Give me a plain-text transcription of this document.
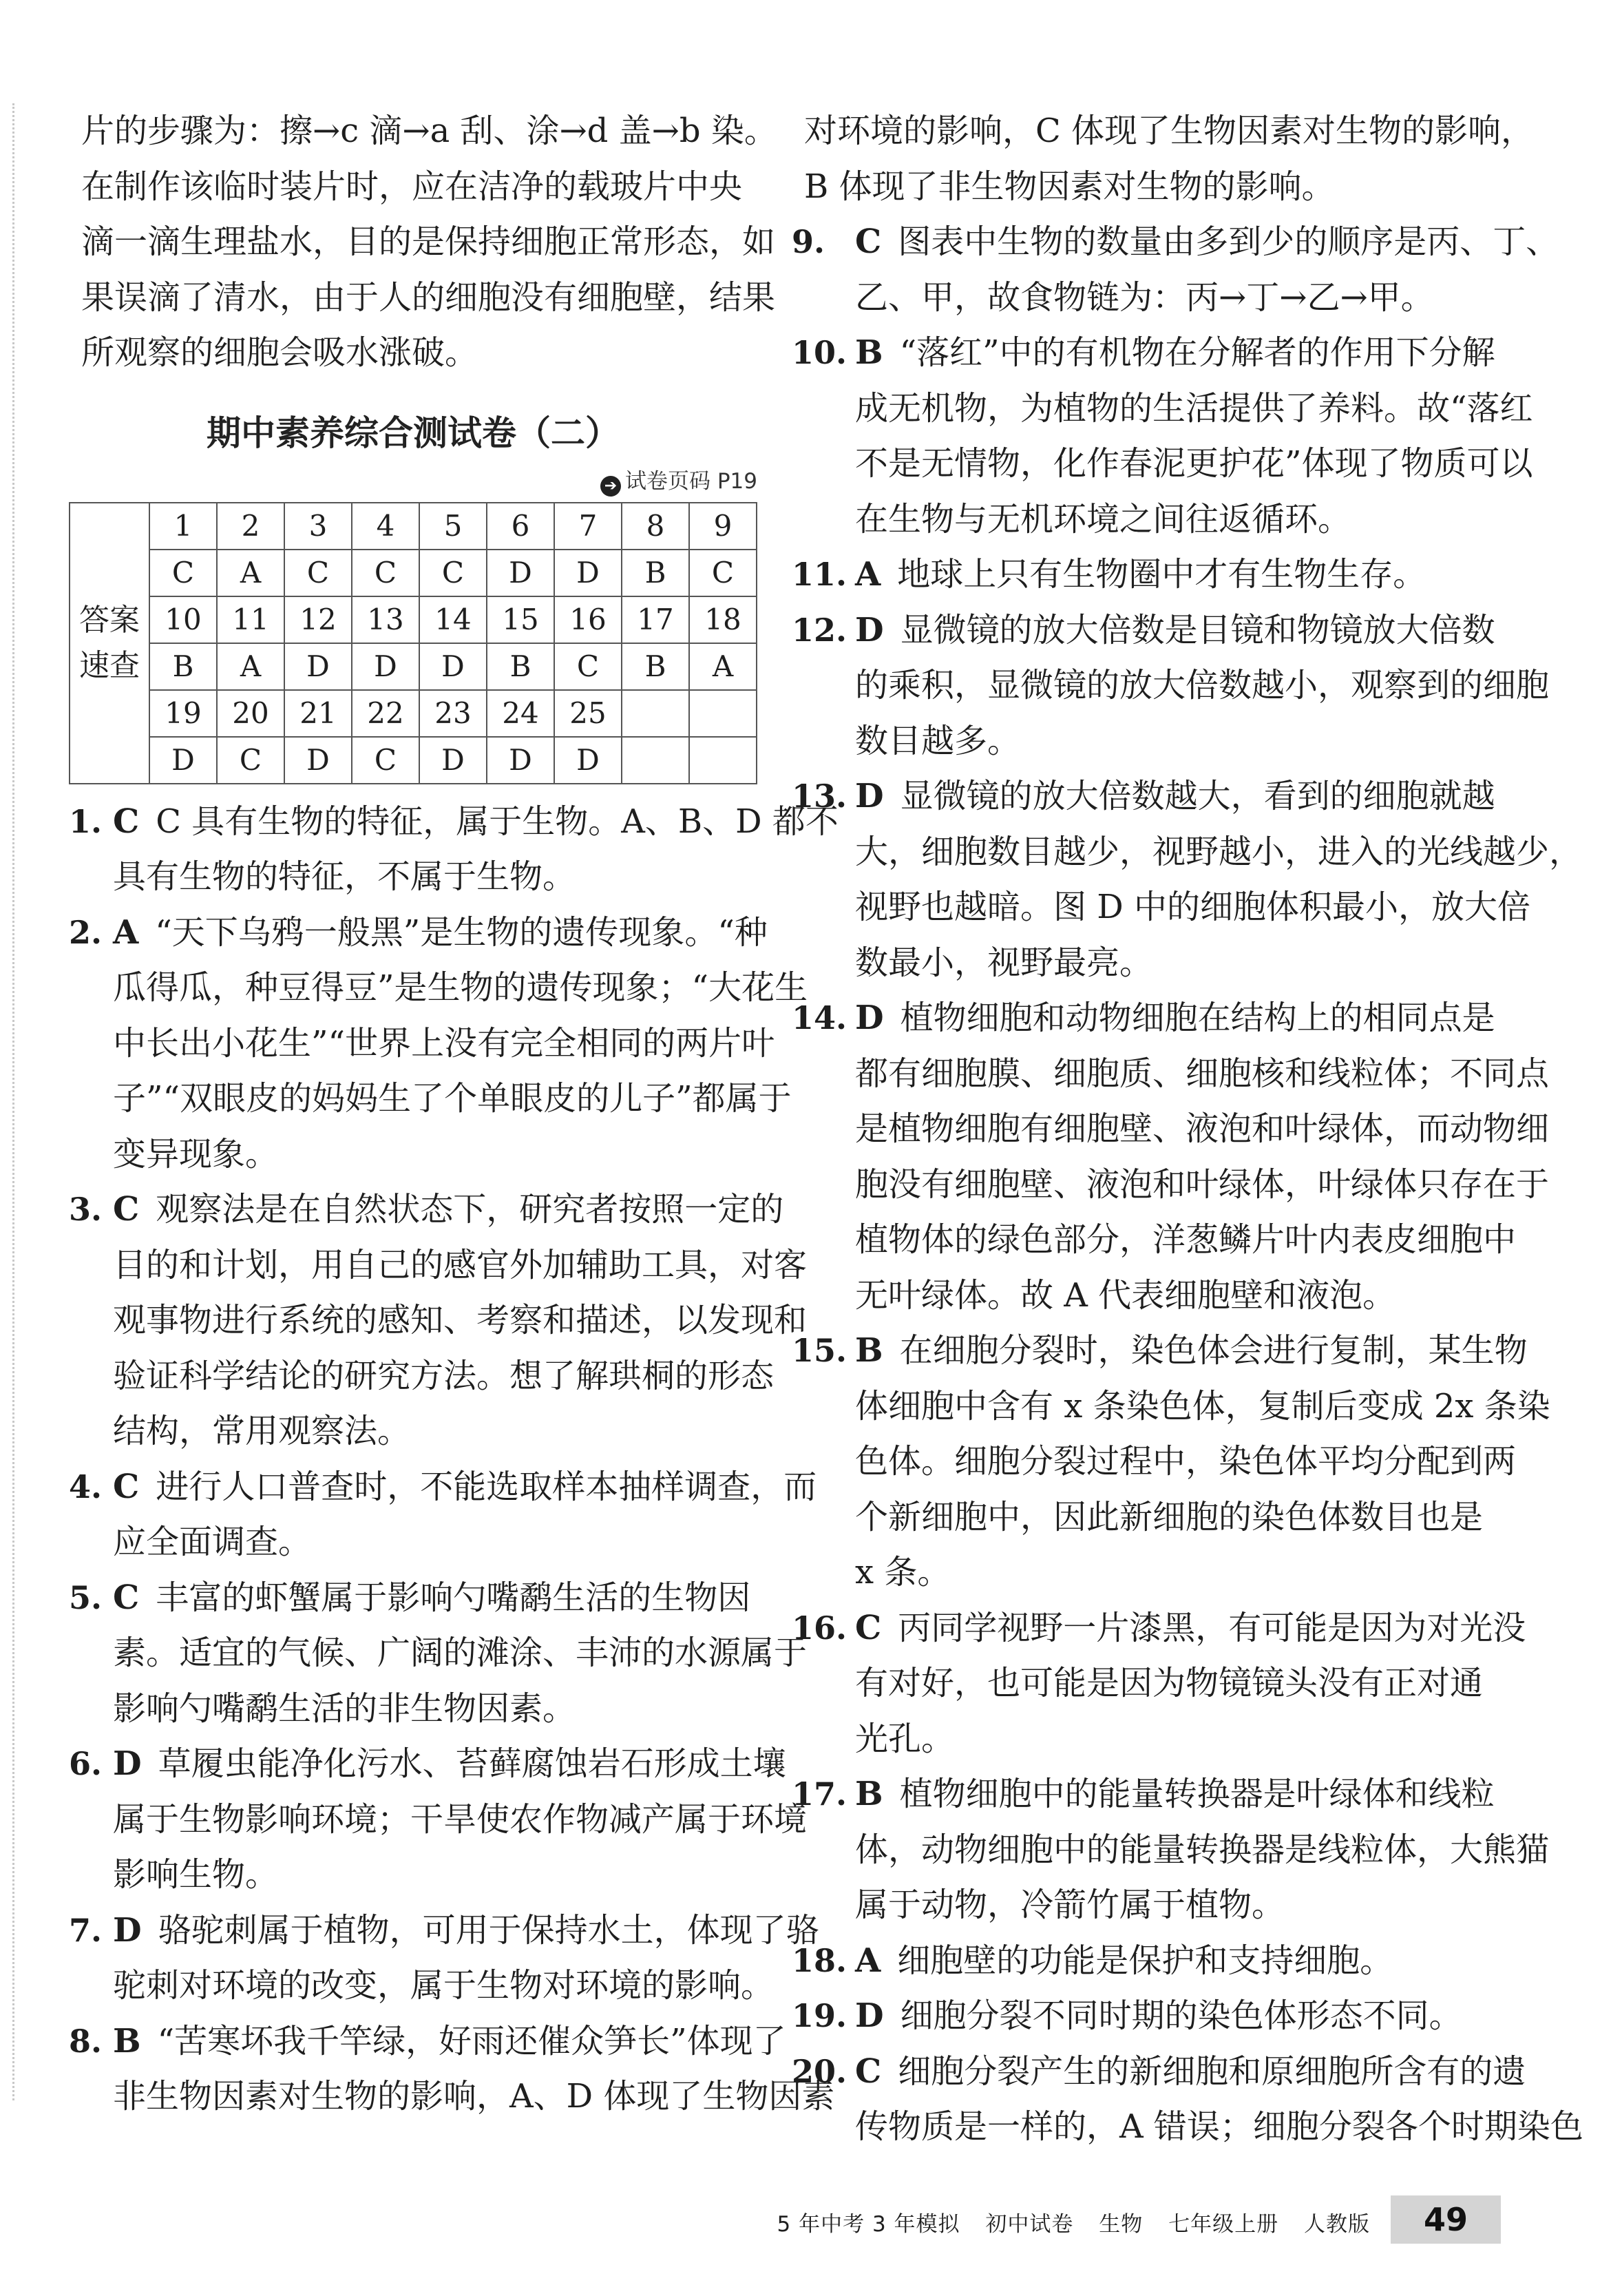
片的步骤为：擦→c 滴→a 刮、涂→d 盖→b 染。
在制作该临时装片时，应在洁净的载玻片中央
滴一滴生理盐水，目的是保持细胞正常形态，如
果误滴了清水，由于人的细胞没有细胞壁，结果
所观察的细胞会吸水涨破。
期中素养综合测试卷（二）
➔ 试卷页码 P19
答案速查	1	2	3	4	5	6	7	8	9
	C	A	C	C	C	D	D	B	C
	10	11	12	13	14	15	16	17	18
	B	A	D	D	D	B	C	B	A
	19	20	21	22	23	24	25		
	D	C	D	C	D	D	D		
1. C C 具有生物的特征，属于生物。A、B、D 都不
具有生物的特征，不属于生物。
2. A “天下乌鸦一般黑”是生物的遗传现象。“种
瓜得瓜，种豆得豆”是生物的遗传现象；“大花生
中长出小花生”“世界上没有完全相同的两片叶
子”“双眼皮的妈妈生了个单眼皮的儿子”都属于
变异现象。
3. C 观察法是在自然状态下，研究者按照一定的
目的和计划，用自己的感官外加辅助工具，对客
观事物进行系统的感知、考察和描述，以发现和
验证科学结论的研究方法。想了解珙桐的形态
结构，常用观察法。
4. C 进行人口普查时，不能选取样本抽样调查，而
应全面调查。
5. C 丰富的虾蟹属于影响勺嘴鹬生活的生物因
素。适宜的气候、广阔的滩涂、丰沛的水源属于
影响勺嘴鹬生活的非生物因素。
6. D 草履虫能净化污水、苔藓腐蚀岩石形成土壤
属于生物影响环境；干旱使农作物减产属于环境
影响生物。
7. D 骆驼刺属于植物，可用于保持水土，体现了骆
驼刺对环境的改变，属于生物对环境的影响。
8. B “苦寒坏我千竿绿，好雨还催众笋长”体现了
非生物因素对生物的影响，A、D 体现了生物因素
对环境的影响，C 体现了生物因素对生物的影响，
B 体现了非生物因素对生物的影响。
9. C 图表中生物的数量由多到少的顺序是丙、丁、
乙、甲，故食物链为：丙→丁→乙→甲。
10. B “落红”中的有机物在分解者的作用下分解
成无机物，为植物的生活提供了养料。故“落红
不是无情物，化作春泥更护花”体现了物质可以
在生物与无机环境之间往返循环。
11. A 地球上只有生物圈中才有生物生存。
12. D 显微镜的放大倍数是目镜和物镜放大倍数
的乘积，显微镜的放大倍数越小，观察到的细胞
数目越多。
13. D 显微镜的放大倍数越大，看到的细胞就越
大，细胞数目越少，视野越小，进入的光线越少，
视野也越暗。图 D 中的细胞体积最小，放大倍
数最小，视野最亮。
14. D 植物细胞和动物细胞在结构上的相同点是
都有细胞膜、细胞质、细胞核和线粒体；不同点
是植物细胞有细胞壁、液泡和叶绿体，而动物细
胞没有细胞壁、液泡和叶绿体，叶绿体只存在于
植物体的绿色部分，洋葱鳞片叶内表皮细胞中
无叶绿体。故 A 代表细胞壁和液泡。
15. B 在细胞分裂时，染色体会进行复制，某生物
体细胞中含有 x 条染色体，复制后变成 2x 条染
色体。细胞分裂过程中，染色体平均分配到两
个新细胞中，因此新细胞的染色体数目也是
x 条。
16. C 丙同学视野一片漆黑，有可能是因为对光没
有对好，也可能是因为物镜镜头没有正对通
光孔。
17. B 植物细胞中的能量转换器是叶绿体和线粒
体，动物细胞中的能量转换器是线粒体，大熊猫
属于动物，冷箭竹属于植物。
18. A 细胞壁的功能是保护和支持细胞。
19. D 细胞分裂不同时期的染色体形态不同。
20. C 细胞分裂产生的新细胞和原细胞所含有的遗
传物质是一样的，A 错误；细胞分裂各个时期染色
5 年中考 3 年模拟 初中试卷 生物 七年级上册 人教版	49
